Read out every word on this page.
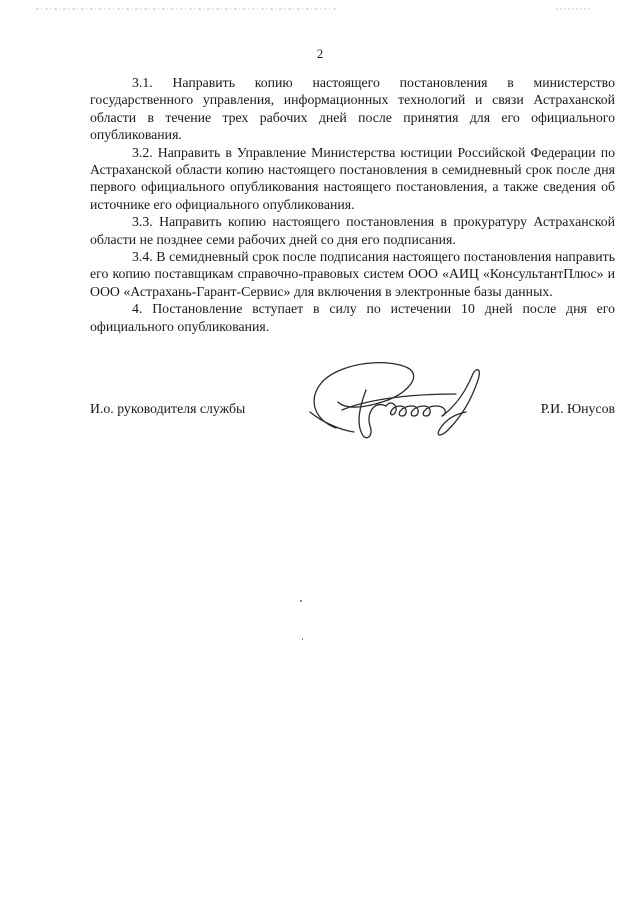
2

3.1. Направить копию настоящего постановления в министерство государственного управления, информационных технологий и связи Астраханской области в течение трех рабочих дней после принятия для его официального опубликования.

3.2. Направить в Управление Министерства юстиции Российской Федерации по Астраханской области копию настоящего постановления в семидневный срок после дня первого официального опубликования настоящего постановления, а также сведения об источнике его официального опубликования.

3.3. Направить копию настоящего постановления в прокуратуру Астраханской области не позднее семи рабочих дней со дня его подписания.

3.4. В семидневный срок после подписания настоящего постановления направить его копию поставщикам справочно-правовых систем ООО «АИЦ «КонсультантПлюс» и ООО «Астрахань-Гарант-Сервис» для включения в электронные базы данных.

4. Постановление вступает в силу по истечении 10 дней после дня его официального опубликования.

И.о. руководителя службы	Р.И. Юнусов
